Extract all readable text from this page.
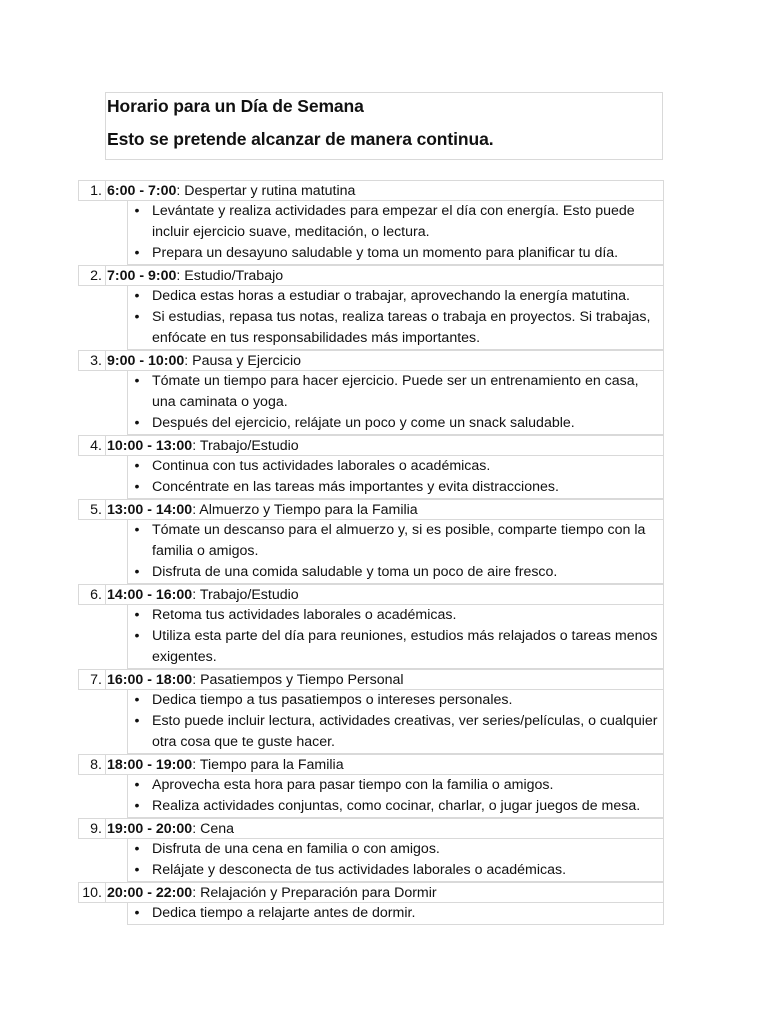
Horario para un Día de Semana
Esto se pretende alcanzar de manera continua.
1. 6:00 - 7:00: Despertar y rutina matutina
• Levántate y realiza actividades para empezar el día con energía. Esto puede incluir ejercicio suave, meditación, o lectura.
• Prepara un desayuno saludable y toma un momento para planificar tu día.
2. 7:00 - 9:00: Estudio/Trabajo
• Dedica estas horas a estudiar o trabajar, aprovechando la energía matutina.
• Si estudias, repasa tus notas, realiza tareas o trabaja en proyectos. Si trabajas, enfócate en tus responsabilidades más importantes.
3. 9:00 - 10:00: Pausa y Ejercicio
• Tómate un tiempo para hacer ejercicio. Puede ser un entrenamiento en casa, una caminata o yoga.
• Después del ejercicio, relájate un poco y come un snack saludable.
4. 10:00 - 13:00: Trabajo/Estudio
• Continua con tus actividades laborales o académicas.
• Concéntrate en las tareas más importantes y evita distracciones.
5. 13:00 - 14:00: Almuerzo y Tiempo para la Familia
• Tómate un descanso para el almuerzo y, si es posible, comparte tiempo con la familia o amigos.
• Disfruta de una comida saludable y toma un poco de aire fresco.
6. 14:00 - 16:00: Trabajo/Estudio
• Retoma tus actividades laborales o académicas.
• Utiliza esta parte del día para reuniones, estudios más relajados o tareas menos exigentes.
7. 16:00 - 18:00: Pasatiempos y Tiempo Personal
• Dedica tiempo a tus pasatiempos o intereses personales.
• Esto puede incluir lectura, actividades creativas, ver series/películas, o cualquier otra cosa que te guste hacer.
8. 18:00 - 19:00: Tiempo para la Familia
• Aprovecha esta hora para pasar tiempo con la familia o amigos.
• Realiza actividades conjuntas, como cocinar, charlar, o jugar juegos de mesa.
9. 19:00 - 20:00: Cena
• Disfruta de una cena en familia o con amigos.
• Relájate y desconecta de tus actividades laborales o académicas.
10. 20:00 - 22:00: Relajación y Preparación para Dormir
• Dedica tiempo a relajarte antes de dormir.
